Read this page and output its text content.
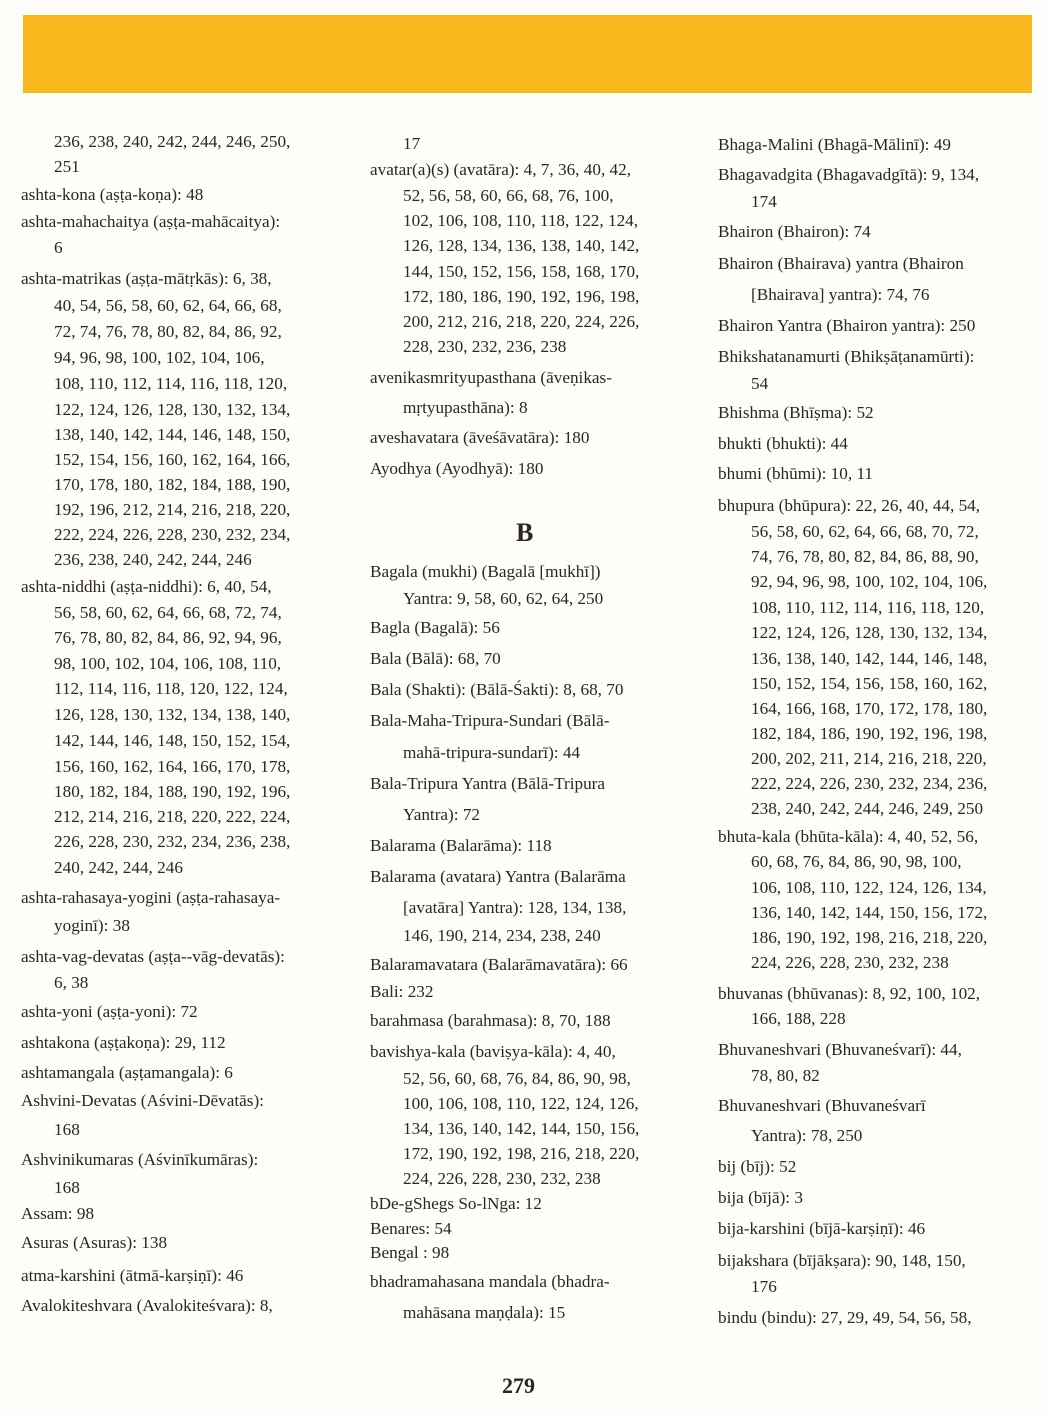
236, 238, 240, 242, 244, 246, 250,
251
ashta-kona (aṣṭa-koṇa): 48
ashta-mahachaitya (aṣṭa-mahācaitya):
6
ashta-matrikas (aṣṭa-mātṛkās): 6, 38,
40, 54, 56, 58, 60, 62, 64, 66, 68,
72, 74, 76, 78, 80, 82, 84, 86, 92,
94, 96, 98, 100, 102, 104, 106,
108, 110, 112, 114, 116, 118, 120,
122, 124, 126, 128, 130, 132, 134,
138, 140, 142, 144, 146, 148, 150,
152, 154, 156, 160, 162, 164, 166,
170, 178, 180, 182, 184, 188, 190,
192, 196, 212, 214, 216, 218, 220,
222, 224, 226, 228, 230, 232, 234,
236, 238, 240, 242, 244, 246
ashta-niddhi (aṣṭa-niddhi): 6, 40, 54,
56, 58, 60, 62, 64, 66, 68, 72, 74,
76, 78, 80, 82, 84, 86, 92, 94, 96,
98, 100, 102, 104, 106, 108, 110,
112, 114, 116, 118, 120, 122, 124,
126, 128, 130, 132, 134, 138, 140,
142, 144, 146, 148, 150, 152, 154,
156, 160, 162, 164, 166, 170, 178,
180, 182, 184, 188, 190, 192, 196,
212, 214, 216, 218, 220, 222, 224,
226, 228, 230, 232, 234, 236, 238,
240, 242, 244, 246
ashta-rahasaya-yogini (aṣṭa-rahasaya-
yoginī): 38
ashta-vag-devatas (aṣṭa--vāg-devatās):
6, 38
ashta-yoni (aṣṭa-yoni): 72
ashtakona (aṣṭakoṇa): 29, 112
ashtamangala (aṣṭamangala): 6
Ashvini-Devatas (Aśvini-Dēvatās):
168
Ashvinikumaras (Aśvinīkumāras):
168
Assam: 98
Asuras (Asuras): 138
atma-karshini (ātmā-karṣiṇī): 46
Avalokiteshvara (Avalokiteśvara): 8,
17
avatar(a)(s) (avatāra): 4, 7, 36, 40, 42,
52, 56, 58, 60, 66, 68, 76, 100,
102, 106, 108, 110, 118, 122, 124,
126, 128, 134, 136, 138, 140, 142,
144, 150, 152, 156, 158, 168, 170,
172, 180, 186, 190, 192, 196, 198,
200, 212, 216, 218, 220, 224, 226,
228, 230, 232, 236, 238
avenikasmrityupasthana (āveṇikas-
mṛtyupasthāna): 8
aveshavatara (āveśāvatāra): 180
Ayodhya (Ayodhyā): 180
B
Bagala (mukhi) (Bagalā [mukhī])
Yantra: 9, 58, 60, 62, 64, 250
Bagla (Bagalā): 56
Bala (Bālā): 68, 70
Bala (Shakti): (Bālā-Śakti): 8, 68, 70
Bala-Maha-Tripura-Sundari (Bālā-
mahā-tripura-sundarī): 44
Bala-Tripura Yantra (Bālā-Tripura
Yantra): 72
Balarama (Balarāma): 118
Balarama (avatara) Yantra (Balarāma
[avatāra] Yantra): 128, 134, 138,
146, 190, 214, 234, 238, 240
Balaramavatara (Balarāmavatāra): 66
Bali: 232
barahmasa (barahmasa): 8, 70, 188
bavishya-kala (baviṣya-kāla): 4, 40,
52, 56, 60, 68, 76, 84, 86, 90, 98,
100, 106, 108, 110, 122, 124, 126,
134, 136, 140, 142, 144, 150, 156,
172, 190, 192, 198, 216, 218, 220,
224, 226, 228, 230, 232, 238
bDe-gShegs So-lNga: 12
Benares: 54
Bengal : 98
bhadramahasana mandala (bhadra-
mahāsana maṇḍala): 15
Bhaga-Malini (Bhagā-Mālinī): 49
Bhagavadgita (Bhagavadgītā): 9, 134,
174
Bhairon (Bhairon): 74
Bhairon (Bhairava) yantra (Bhairon
[Bhairava] yantra): 74, 76
Bhairon Yantra (Bhairon yantra): 250
Bhikshatanamurti (Bhikṣāṭanamūrti):
54
Bhishma (Bhīṣma): 52
bhukti (bhukti): 44
bhumi (bhūmi): 10, 11
bhupura (bhūpura): 22, 26, 40, 44, 54,
56, 58, 60, 62, 64, 66, 68, 70, 72,
74, 76, 78, 80, 82, 84, 86, 88, 90,
92, 94, 96, 98, 100, 102, 104, 106,
108, 110, 112, 114, 116, 118, 120,
122, 124, 126, 128, 130, 132, 134,
136, 138, 140, 142, 144, 146, 148,
150, 152, 154, 156, 158, 160, 162,
164, 166, 168, 170, 172, 178, 180,
182, 184, 186, 190, 192, 196, 198,
200, 202, 211, 214, 216, 218, 220,
222, 224, 226, 230, 232, 234, 236,
238, 240, 242, 244, 246, 249, 250
bhuta-kala (bhūta-kāla): 4, 40, 52, 56,
60, 68, 76, 84, 86, 90, 98, 100,
106, 108, 110, 122, 124, 126, 134,
136, 140, 142, 144, 150, 156, 172,
186, 190, 192, 198, 216, 218, 220,
224, 226, 228, 230, 232, 238
bhuvanas (bhūvanas): 8, 92, 100, 102,
166, 188, 228
Bhuvaneshvari (Bhuvaneśvarī): 44,
78, 80, 82
Bhuvaneshvari (Bhuvaneśvarī
Yantra): 78, 250
bij (bīj): 52
bija (bījā): 3
bija-karshini (bījā-karṣiṇī): 46
bijakshara (bījākṣara): 90, 148, 150,
176
bindu (bindu): 27, 29, 49, 54, 56, 58,
279
